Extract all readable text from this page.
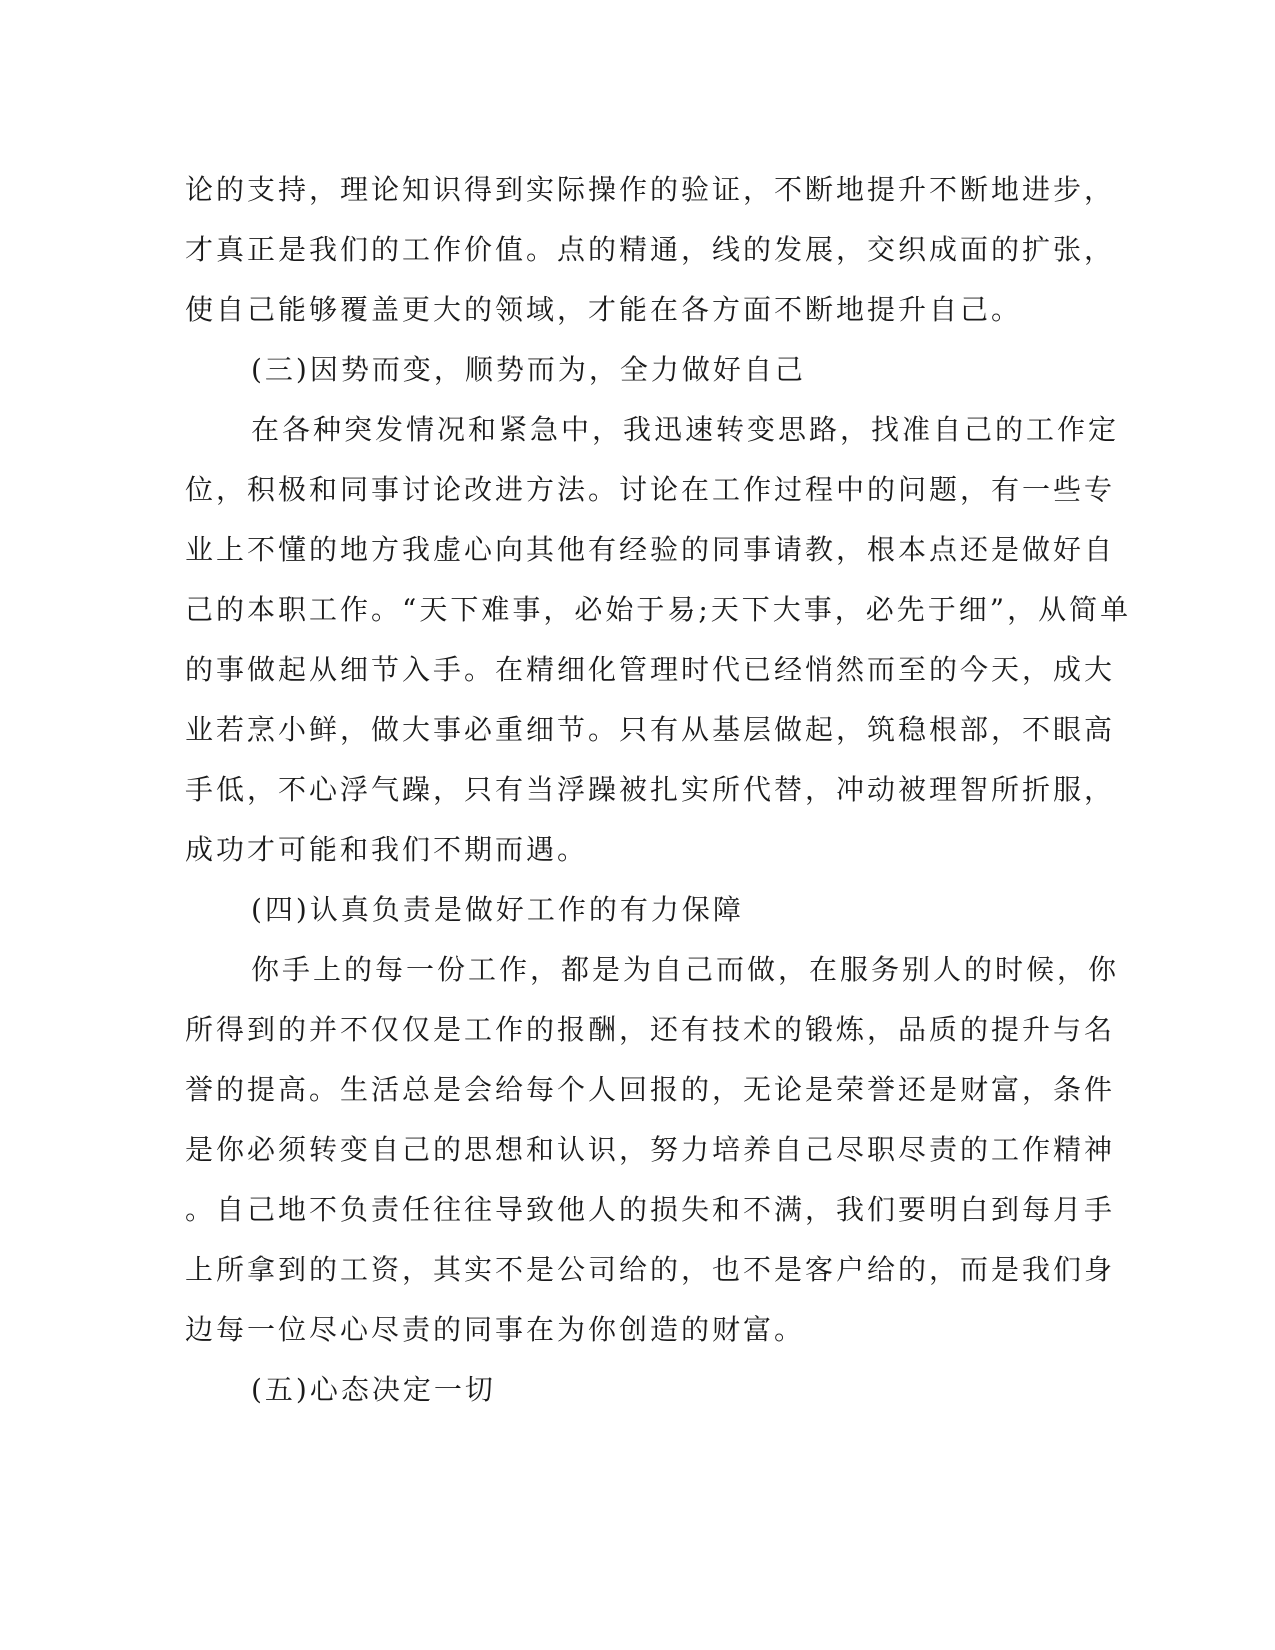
论的支持，理论知识得到实际操作的验证，不断地提升不断地进步，
才真正是我们的工作价值。点的精通，线的发展，交织成面的扩张，
使自己能够覆盖更大的领域，才能在各方面不断地提升自己。
(三)因势而变，顺势而为，全力做好自己
在各种突发情况和紧急中，我迅速转变思路，找准自己的工作定
位，积极和同事讨论改进方法。讨论在工作过程中的问题，有一些专
业上不懂的地方我虚心向其他有经验的同事请教，根本点还是做好自
己的本职工作。“天下难事，必始于易;天下大事，必先于细”，从简单
的事做起从细节入手。在精细化管理时代已经悄然而至的今天，成大
业若烹小鲜，做大事必重细节。只有从基层做起，筑稳根部，不眼高
手低，不心浮气躁，只有当浮躁被扎实所代替，冲动被理智所折服，
成功才可能和我们不期而遇。
(四)认真负责是做好工作的有力保障
你手上的每一份工作，都是为自己而做，在服务别人的时候，你
所得到的并不仅仅是工作的报酬，还有技术的锻炼，品质的提升与名
誉的提高。生活总是会给每个人回报的，无论是荣誉还是财富，条件
是你必须转变自己的思想和认识，努力培养自己尽职尽责的工作精神
。自己地不负责任往往导致他人的损失和不满，我们要明白到每月手
上所拿到的工资，其实不是公司给的，也不是客户给的，而是我们身
边每一位尽心尽责的同事在为你创造的财富。
(五)心态决定一切
